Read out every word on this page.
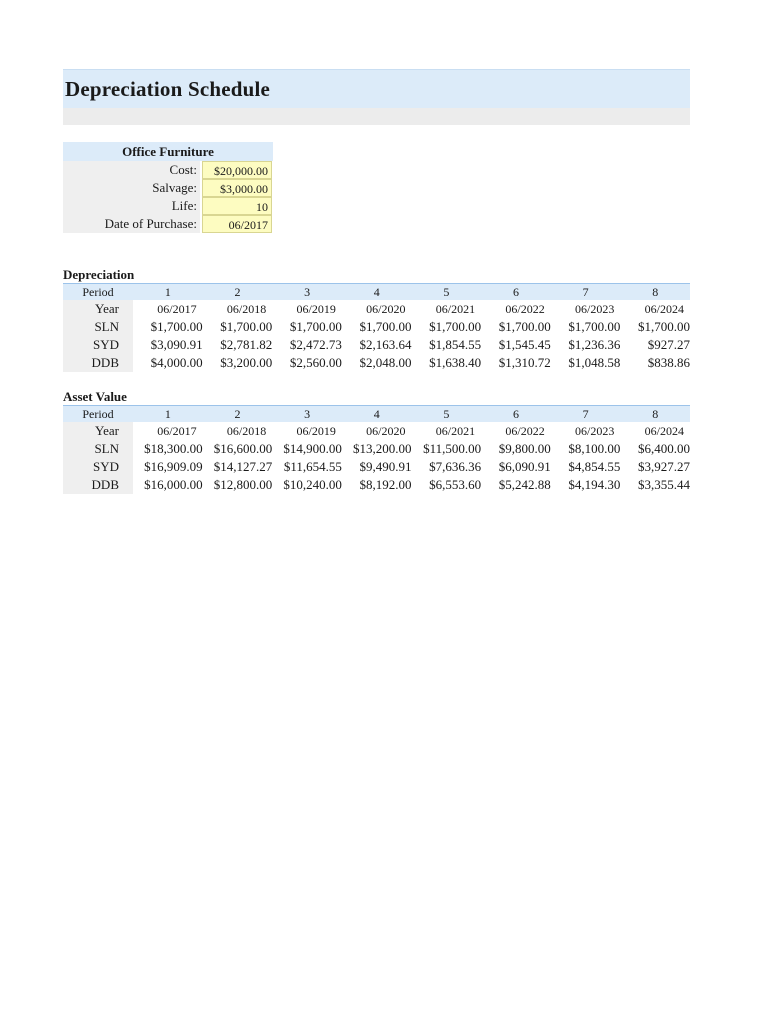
Depreciation Schedule
Office Furniture
Cost:	$20,000.00
Salvage:	$3,000.00
Life:	10
Date of Purchase:	06/2017
Depreciation
Period	1	2	3	4	5	6	7	8
Year	06/2017	06/2018	06/2019	06/2020	06/2021	06/2022	06/2023	06/2024
SLN	$1,700.00	$1,700.00	$1,700.00	$1,700.00	$1,700.00	$1,700.00	$1,700.00	$1,700.00
SYD	$3,090.91	$2,781.82	$2,472.73	$2,163.64	$1,854.55	$1,545.45	$1,236.36	$927.27
DDB	$4,000.00	$3,200.00	$2,560.00	$2,048.00	$1,638.40	$1,310.72	$1,048.58	$838.86
Asset Value
Period	1	2	3	4	5	6	7	8
Year	06/2017	06/2018	06/2019	06/2020	06/2021	06/2022	06/2023	06/2024
SLN	$18,300.00	$16,600.00	$14,900.00	$13,200.00	$11,500.00	$9,800.00	$8,100.00	$6,400.00
SYD	$16,909.09	$14,127.27	$11,654.55	$9,490.91	$7,636.36	$6,090.91	$4,854.55	$3,927.27
DDB	$16,000.00	$12,800.00	$10,240.00	$8,192.00	$6,553.60	$5,242.88	$4,194.30	$3,355.44
